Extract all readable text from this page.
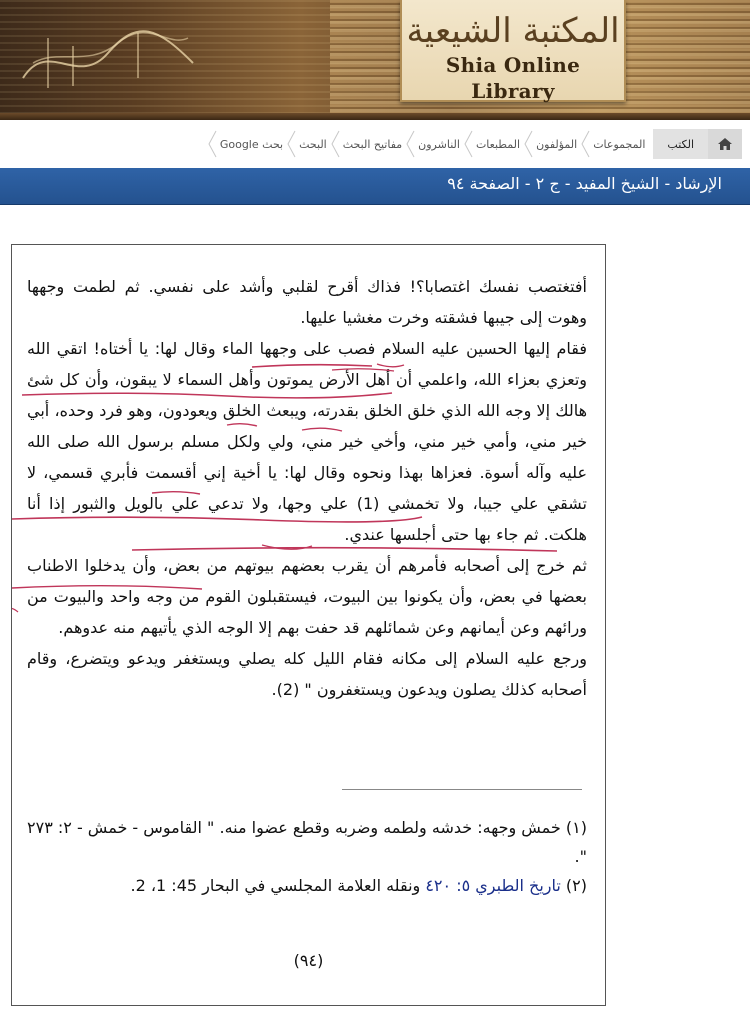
المكتبة الشيعية
Shia Online Library
الكتب
المجموعات
المؤلفون
المطبعات
الناشرون
مفاتيح البحث
البحث
بحث Google
الإرشاد - الشيخ المفيد - ج ٢ - الصفحة ٩٤

أفتغتصب نفسك اغتصابا؟! فذاك أقرح لقلبي وأشد على نفسي. ثم لطمت وجهها وهوت إلى جيبها فشقته وخرت مغشيا عليها.

فقام إليها الحسين عليه السلام فصب على وجهها الماء وقال لها: يا أختاه! اتقي الله وتعزي بعزاء الله، واعلمي أن أهل الأرض يموتون وأهل السماء لا يبقون، وأن كل شئ هالك إلا وجه الله الذي خلق الخلق بقدرته، ويبعث الخلق ويعودون، وهو فرد وحده، أبي خير مني، وأمي خير مني، وأخي خير مني، ولي ولكل مسلم برسول الله صلى الله عليه وآله أسوة. فعزاها بهذا ونحوه وقال لها: يا أخية إني أقسمت فأبري قسمي، لا تشقي علي جيبا، ولا تخمشي (1) علي وجها، ولا تدعي علي بالويل والثبور إذا أنا هلكت. ثم جاء بها حتى أجلسها عندي.

ثم خرج إلى أصحابه فأمرهم أن يقرب بعضهم بيوتهم من بعض، وأن يدخلوا الاطناب بعضها في بعض، وأن يكونوا بين البيوت، فيستقبلون القوم من وجه واحد والبيوت من ورائهم وعن أيمانهم وعن شمائلهم قد حفت بهم إلا الوجه الذي يأتيهم منه عدوهم.

ورجع عليه السلام إلى مكانه فقام الليل كله يصلي ويستغفر ويدعو ويتضرع، وقام أصحابه كذلك يصلون ويدعون ويستغفرون " (2).

(١) خمش وجهه: خدشه ولطمه وضربه وقطع عضوا منه. " القاموس - خمش - ٢: ٢٧٣ ".

(٢) تاريخ الطبري ٥: ٤٢٠ ونقله العلامة المجلسي في البحار 45: 1، 2.

(٩٤)
